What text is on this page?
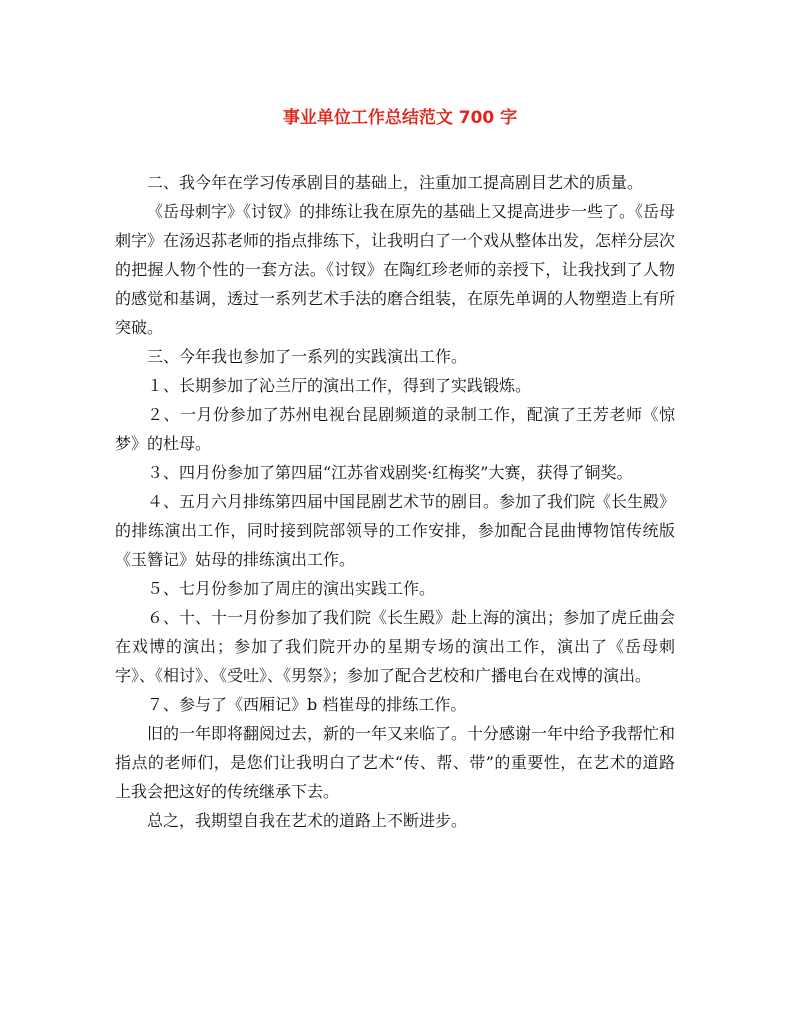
事业单位工作总结范文 700 字

二、我今年在学习传承剧目的基础上，注重加工提高剧目艺术的质量。

《岳母刺字》《讨钗》的排练让我在原先的基础上又提高进步一些了。《岳母刺字》在汤迟荪老师的指点排练下，让我明白了一个戏从整体出发，怎样分层次的把握人物个性的一套方法。《讨钗》在陶红珍老师的亲授下，让我找到了人物的感觉和基调，透过一系列艺术手法的磨合组装，在原先单调的人物塑造上有所突破。

三、今年我也参加了一系列的实践演出工作。

１、长期参加了沁兰厅的演出工作，得到了实践锻炼。

２、一月份参加了苏州电视台昆剧频道的录制工作，配演了王芳老师《惊梦》的杜母。

３、四月份参加了第四届“江苏省戏剧奖·红梅奖”大赛，获得了铜奖。

４、五月六月排练第四届中国昆剧艺术节的剧目。参加了我们院《长生殿》的排练演出工作，同时接到院部领导的工作安排，参加配合昆曲博物馆传统版《玉簪记》姑母的排练演出工作。

５、七月份参加了周庄的演出实践工作。

６、十、十一月份参加了我们院《长生殿》赴上海的演出；参加了虎丘曲会在戏博的演出；参加了我们院开办的星期专场的演出工作，演出了《岳母刺字》、《相讨》、《受吐》、《男祭》；参加了配合艺校和广播电台在戏博的演出。

７、参与了《西厢记》b 档崔母的排练工作。

旧的一年即将翻阅过去，新的一年又来临了。十分感谢一年中给予我帮忙和指点的老师们，是您们让我明白了艺术“传、帮、带”的重要性，在艺术的道路上我会把这好的传统继承下去。

总之，我期望自我在艺术的道路上不断进步。
